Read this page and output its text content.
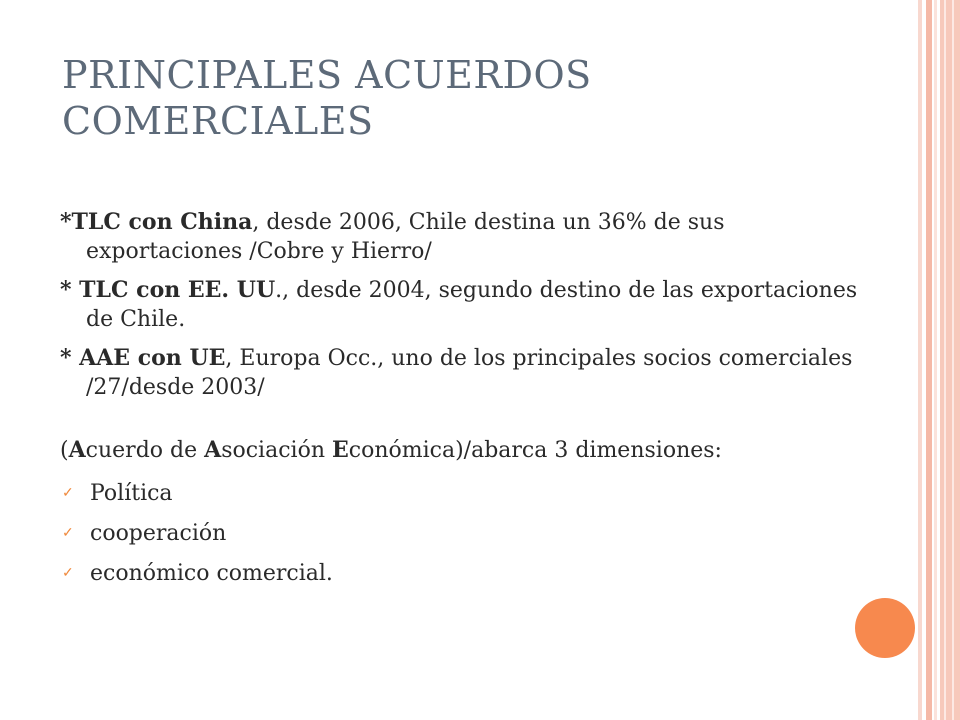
PRINCIPALES ACUERDOS
COMERCIALES

*TLC con China, desde 2006, Chile destina un 36% de sus exportaciones /Cobre y Hierro/

* TLC con EE. UU., desde 2004, segundo destino de las exportaciones de Chile.

* AAE con UE, Europa Occ., uno de los principales socios comerciales /27/desde 2003/

(Acuerdo de Asociación Económica)/abarca 3 dimensiones:

✓ Política
✓ cooperación
✓ económico comercial.
